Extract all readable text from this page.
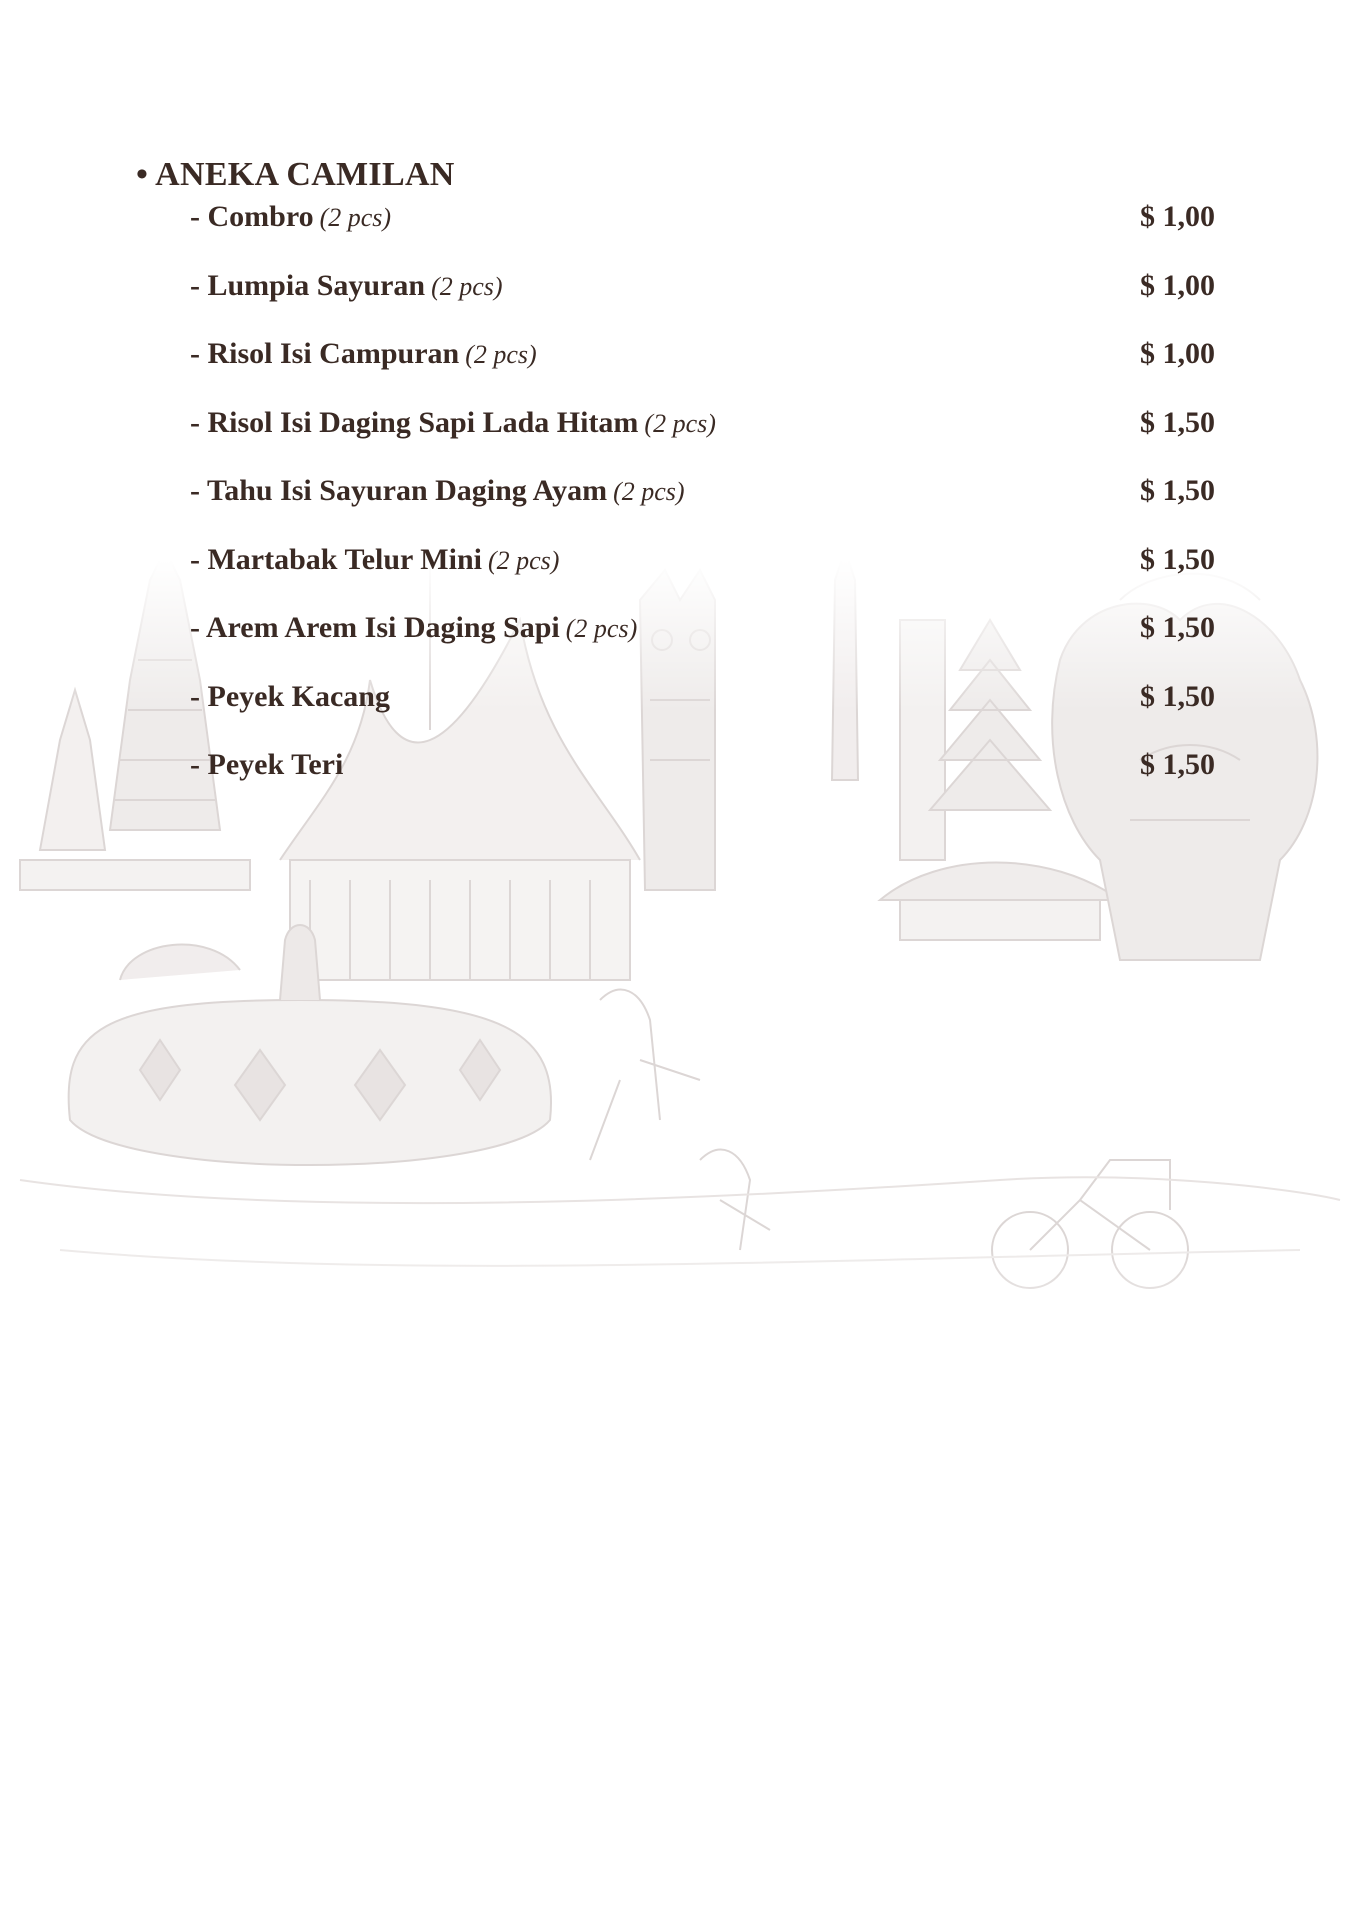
• ANEKA CAMILAN
- Combro (2 pcs)	$ 1,00
- Lumpia Sayuran (2 pcs)	$ 1,00
- Risol Isi Campuran (2 pcs)	$ 1,00
- Risol Isi Daging Sapi Lada Hitam (2 pcs)	$ 1,50
- Tahu Isi Sayuran Daging Ayam (2 pcs)	$ 1,50
- Martabak Telur Mini (2 pcs)	$ 1,50
- Arem Arem Isi Daging Sapi (2 pcs)	$ 1,50
- Peyek Kacang	$ 1,50
- Peyek Teri	$ 1,50
